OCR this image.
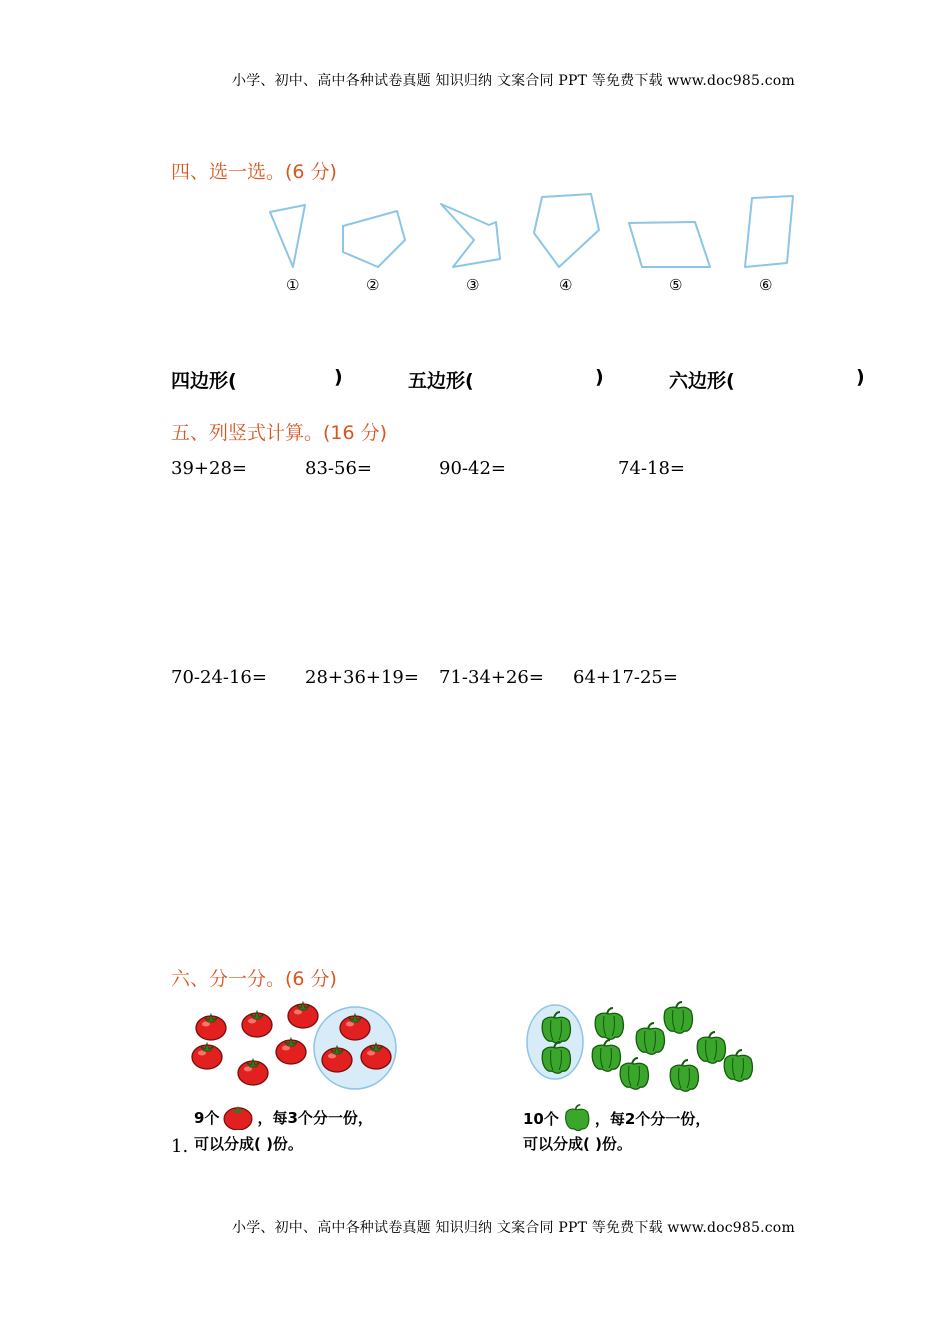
小学、初中、高中各种试卷真题 知识归纳 文案合同 PPT 等免费下载 www.doc985.com
四、选一选。(6 分)
①	②	③	④	⑤	⑥
四边形(	)	五边形(	)	六边形(	)
五、列竖式计算。(16 分)
39+28=	83-56=	90-42=	74-18=
70-24-16= 28+36+19= 71-34+26= 64+17-25=
六、分一分。(6 分)
9个	，每3个分一份，
1. 可以分成( )份。
10个 ，每2个分一份，
可以分成( )份。
小学、初中、高中各种试卷真题 知识归纳 文案合同 PPT 等免费下载 www.doc985.com
